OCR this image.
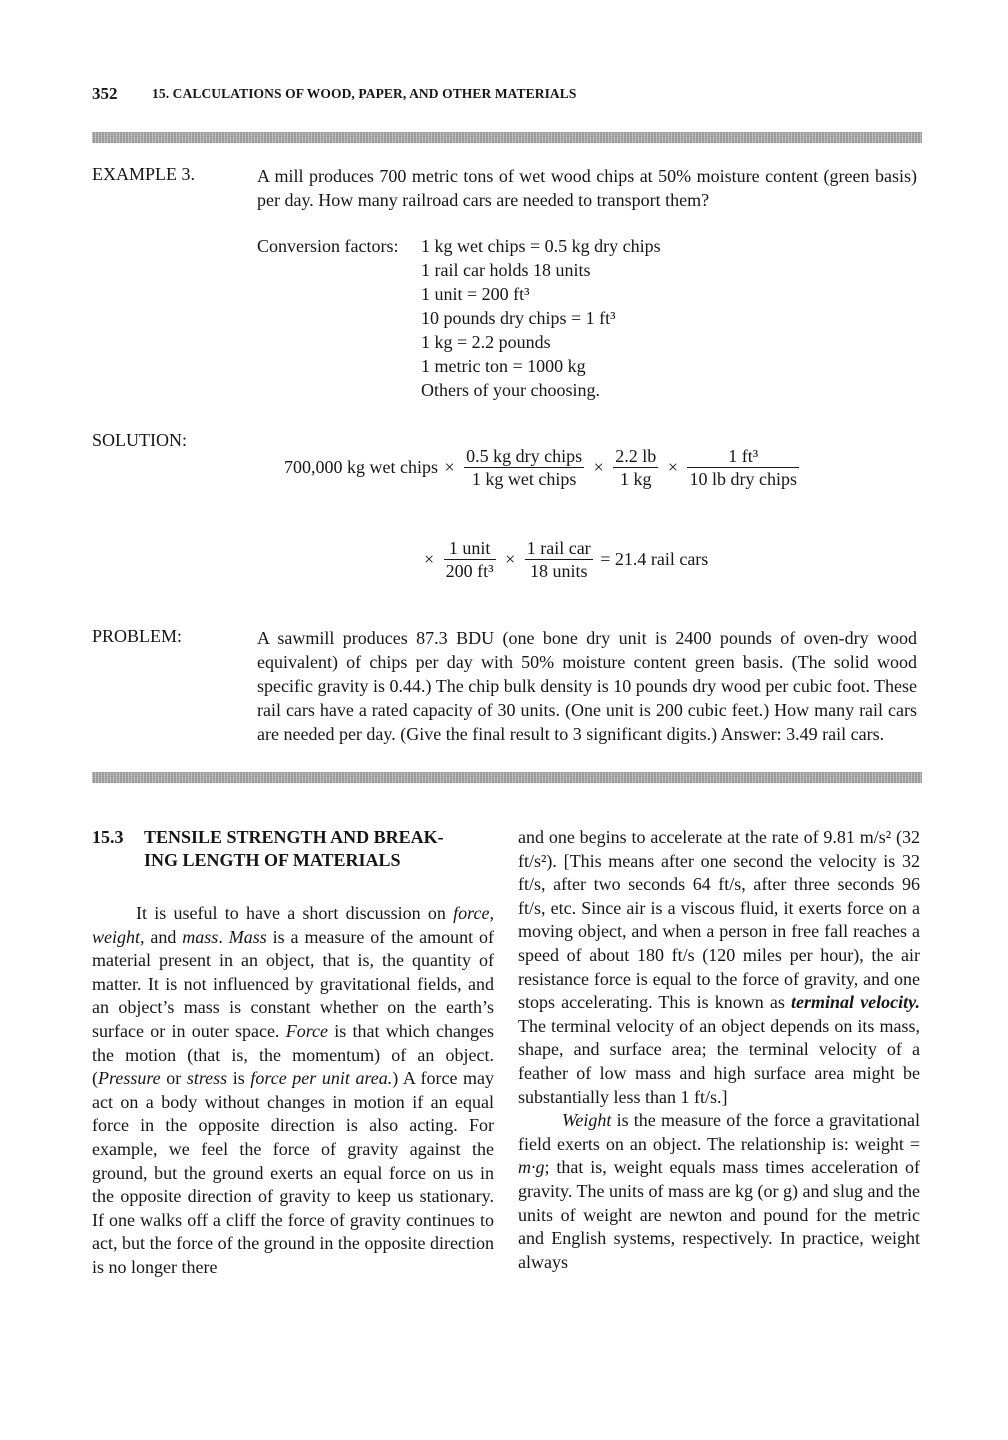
352	15. CALCULATIONS OF WOOD, PAPER, AND OTHER MATERIALS
EXAMPLE 3.	A mill produces 700 metric tons of wet wood chips at 50% moisture content (green basis) per day. How many railroad cars are needed to transport them?
Conversion factors: 1 kg wet chips = 0.5 kg dry chips
1 rail car holds 18 units
1 unit = 200 ft³
10 pounds dry chips = 1 ft³
1 kg = 2.2 pounds
1 metric ton = 1000 kg
Others of your choosing.
SOLUTION:
700,000 kg wet chips × $\frac{\text{0.5 kg dry chips}}{\text{1 kg wet chips}} \times \frac{2.2 lb}{1 kg} \times \frac{\text{1 ft³}}{\text{10 lb dry chips}}$
× $\frac{\text{1 unit}}{\text{200 ft³}} \times \frac{\text{1 rail car}}{\text{18 units}} = 21.4$ rail cars
PROBLEM:	A sawmill produces 87.3 BDU (one bone dry unit is 2400 pounds of oven-dry wood equivalent) of chips per day with 50% moisture content green basis. (The solid wood specific gravity is 0.44.) The chip bulk density is 10 pounds dry wood per cubic foot. These rail cars have a rated capacity of 30 units. (One unit is 200 cubic feet.) How many rail cars are needed per day. (Give the final result to 3 significant digits.) Answer: 3.49 rail cars.
15.3 TENSILE STRENGTH AND BREAK-
ING LENGTH OF MATERIALS

It is useful to have a short discussion on force, weight, and mass. Mass is a measure of the amount of material present in an object, that is, the quantity of matter. It is not influenced by gravitational fields, and an object’s mass is constant whether on the earth’s surface or in outer space. Force is that which changes the motion (that is, the momentum) of an object. (Pressure or stress is force per unit area.) A force may act on a body without changes in motion if an equal force in the opposite direction is also acting. For example, we feel the force of gravity against the ground, but the ground exerts an equal force on us in the opposite direction of gravity to keep us stationary. If one walks off a cliff the force of gravity continues to act, but the force of the ground in the opposite direction is no longer there

and one begins to accelerate at the rate of 9.81 m/s² (32 ft/s²). [This means after one second the velocity is 32 ft/s, after two seconds 64 ft/s, after three seconds 96 ft/s, etc. Since air is a viscous fluid, it exerts force on a moving object, and when a person in free fall reaches a speed of about 180 ft/s (120 miles per hour), the air resistance force is equal to the force of gravity, and one stops accelerating. This is known as terminal velocity. The terminal velocity of an object depends on its mass, shape, and surface area; the terminal velocity of a feather of low mass and high surface area might be substantially less than 1 ft/s.]

Weight is the measure of the force a gravitational field exerts on an object. The relationship is: weight = m·g; that is, weight equals mass times acceleration of gravity. The units of mass are kg (or g) and slug and the units of weight are newton and pound for the metric and English systems, respectively. In practice, weight always
